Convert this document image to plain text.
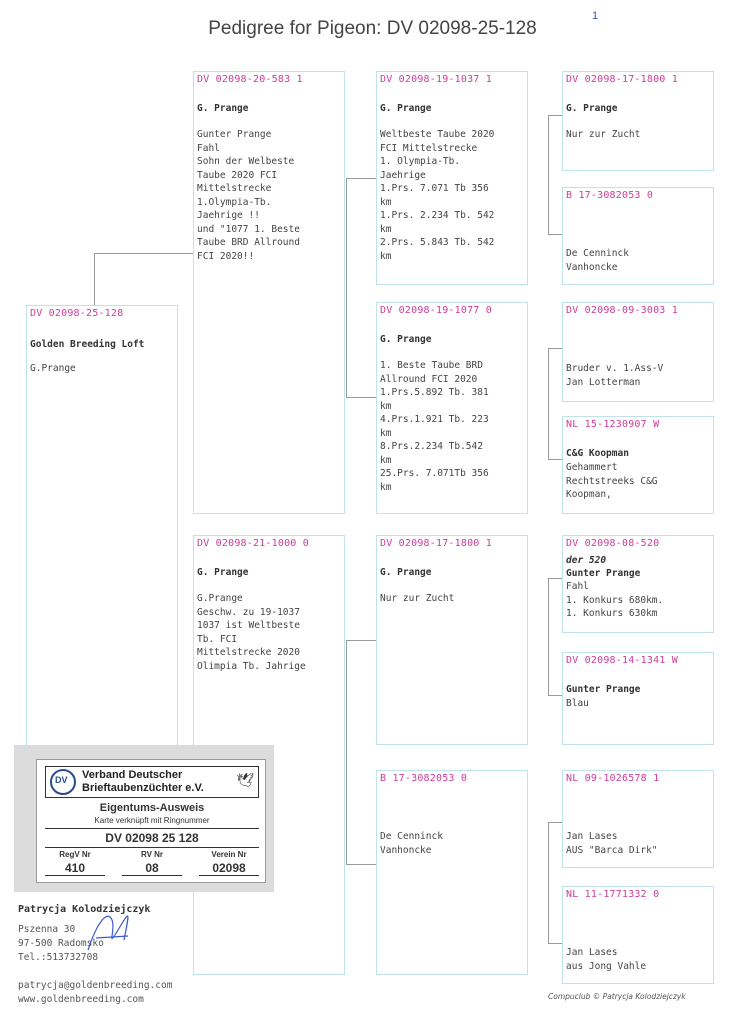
Pedigree for Pigeon: DV 02098-25-128
1
DV 02098-25-128
Golden Breeding Loft
G.Prange
DV 02098-20-583 1
G. Prange
Gunter Prange
Fahl
Sohn der Welbeste
Taube 2020 FCI
Mittelstrecke
1.Olympia-Tb.
Jaehrige !!
und "1077 1. Beste
Taube BRD Allround
FCI 2020!!
DV 02098-21-1000 0
G. Prange
G.Prange
Geschw. zu 19-1037
1037 ist Weltbeste
Tb. FCI
Mittelstrecke 2020
Olimpia Tb. Jahrige
DV 02098-19-1037 1
G. Prange
Weltbeste Taube 2020
FCI Mittelstrecke
1. Olympia-Tb.
Jaehrige
1.Prs. 7.071 Tb 356
km
1.Prs. 2.234 Tb. 542
km
2.Prs. 5.843 Tb. 542
km
DV 02098-19-1077 0
G. Prange
1. Beste Taube BRD
Allround FCI 2020
1.Prs.5.892 Tb. 381
km
4.Prs.1.921 Tb. 223
km
8.Prs.2.234 Tb.542
km
25.Prs. 7.071Tb 356
km
DV 02098-17-1800 1
G. Prange
Nur zur Zucht
B 17-3082053 0
De Cenninck
Vanhoncke
DV 02098-17-1800 1
G. Prange
Nur zur Zucht
B 17-3082053 0
De Cenninck
Vanhoncke
DV 02098-09-3003 1
Bruder v. 1.Ass-V
Jan Lotterman
NL 15-1230907 W
C&G Koopman
Gehammert
Rechtstreeks C&G
Koopman,
DV 02098-08-520
der 520
Gunter Prange
Fahl
1. Konkurs 680km.
1. Konkurs 630km
DV 02098-14-1341 W
Gunter Prange
Blau
NL 09-1026578 1
Jan Lases
AUS "Barca Dirk"
NL 11-1771332 0
Jan Lases
aus Jong Vahle
DV Verband Deutscher
Brieftaubenzüchter e.V. 🕊
Eigentums-Ausweis
Karte verknüpft mit Ringnummer
DV 02098 25 128
RegV Nr
410
RV Nr
08
Verein Nr
02098
Patrycja Kolodziejczyk
Pszenna 30
97-500 Radomsko
Tel.:513732708
patrycja@goldenbreeding.com
www.goldenbreeding.com	Compuclub © Patrycja Kolodziejczyk
